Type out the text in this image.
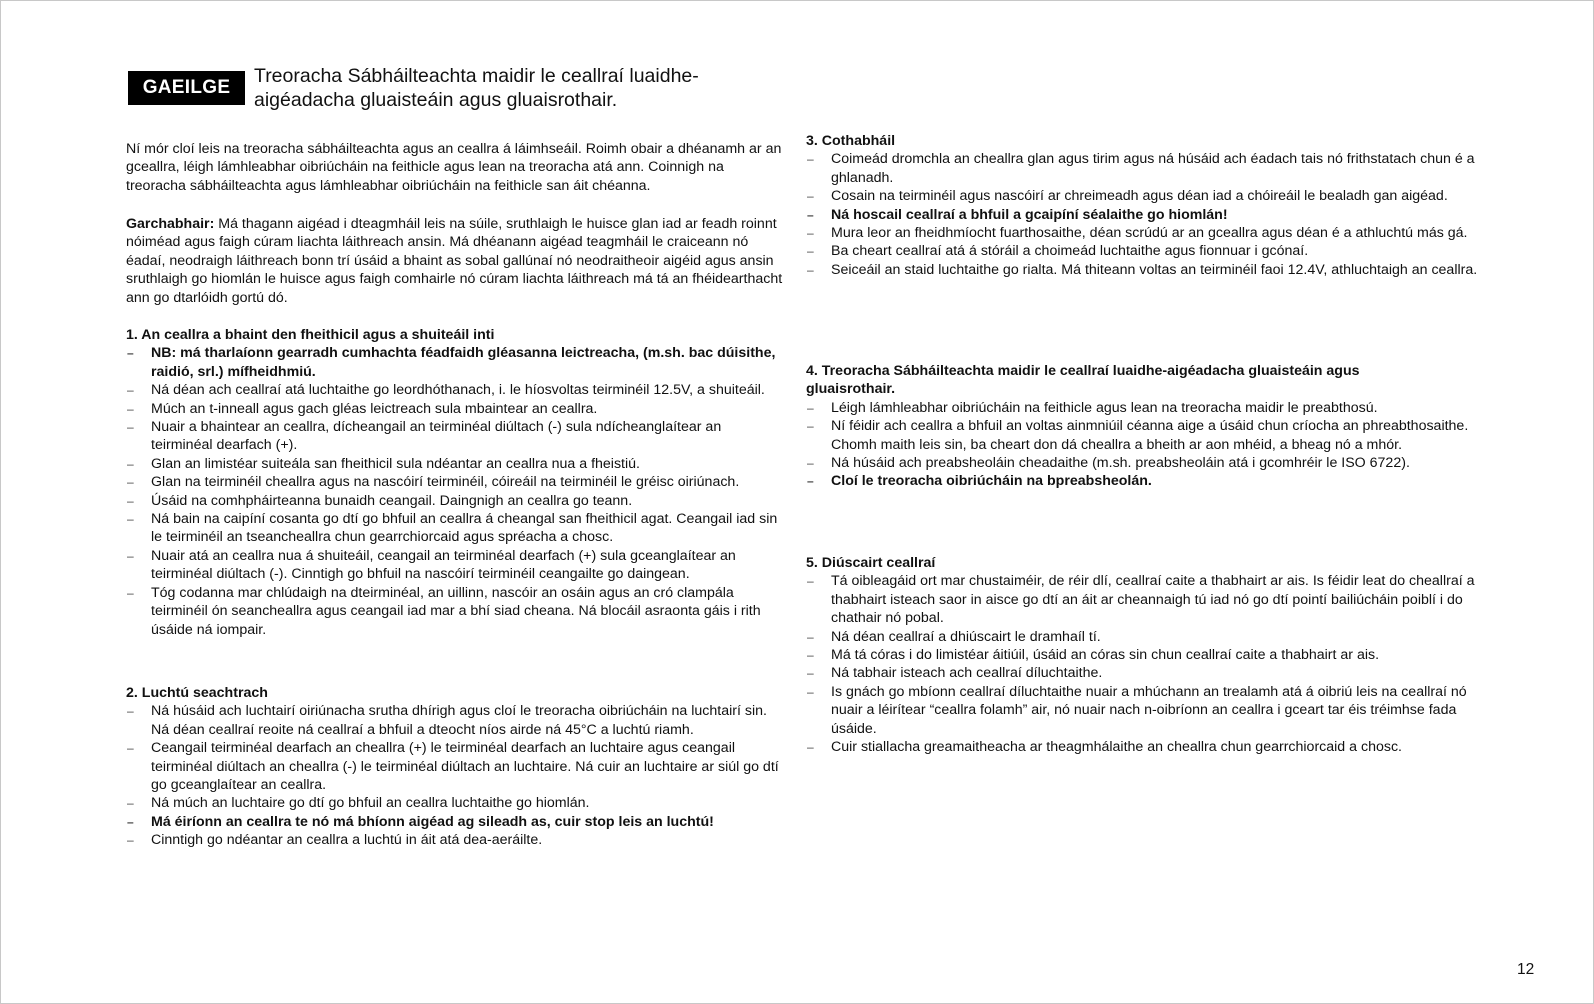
GAEILGE
Treoracha Sábháilteachta maidir le ceallraí luaidhe-aigéadacha gluaisteáin agus gluaisrothair.

Ní mór cloí leis na treoracha sábháilteachta agus an ceallra á láimhseáil. Roimh obair a dhéanamh ar an gceallra, léigh lámhleabhar oibriúcháin na feithicle agus lean na treoracha atá ann. Coinnigh na treoracha sábháilteachta agus lámhleabhar oibriúcháin na feithicle san áit chéanna.

Garchabhair: Má thagann aigéad i dteagmháil leis na súile, sruthlaigh le huisce glan iad ar feadh roinnt nóiméad agus faigh cúram liachta láithreach ansin. Má dhéanann aigéad teagmháil le craiceann nó éadaí, neodraigh láithreach bonn trí úsáid a bhaint as sobal gallúnaí nó neodraitheoir aigéid agus ansin sruthlaigh go hiomlán le huisce agus faigh comhairle nó cúram liachta láithreach má tá an fhéidearthacht ann go dtarlóidh gortú dó.

1. An ceallra a bhaint den fheithicil agus a shuiteáil inti

– NB: má tharlaíonn gearradh cumhachta féadfaidh gléasanna leictreacha, (m.sh. bac dúisithe, raidió, srl.) mífheidhmiú.
– Ná déan ach ceallraí atá luchtaithe go leordhóthanach, i. le híosvoltas teirminéil 12.5V, a shuiteáil.
– Múch an t-inneall agus gach gléas leictreach sula mbaintear an ceallra.
– Nuair a bhaintear an ceallra, dícheangail an teirminéal diúltach (-) sula ndícheanglaítear an teirminéal dearfach (+).
– Glan an limistéar suiteála san fheithicil sula ndéantar an ceallra nua a fheistiú.
– Glan na teirminéil cheallra agus na nascóirí teirminéil, cóireáil na teirminéil le gréisc oiriúnach.
– Úsáid na comhpháirteanna bunaidh ceangail. Daingnigh an ceallra go teann.
– Ná bain na caipíní cosanta go dtí go bhfuil an ceallra á cheangal san fheithicil agat. Ceangail iad sin le teirminéil an tseancheallra chun gearrchiorcaid agus spréacha a chosc.
– Nuair atá an ceallra nua á shuiteáil, ceangail an teirminéal dearfach (+) sula gceanglaítear an teirminéal diúltach (-). Cinntigh go bhfuil na nascóirí teirminéil ceangailte go daingean.
– Tóg codanna mar chlúdaigh na dteirminéal, an uillinn, nascóir an osáin agus an cró clampála teirminéil ón seancheallra agus ceangail iad mar a bhí siad cheana. Ná blocáil asraonta gáis i rith úsáide ná iompair.

2. Luchtú seachtrach

– Ná húsáid ach luchtairí oiriúnacha srutha dhírigh agus cloí le treoracha oibriúcháin na luchtairí sin. Ná déan ceallraí reoite ná ceallraí a bhfuil a dteocht níos airde ná 45°C a luchtú riamh.
– Ceangail teirminéal dearfach an cheallra (+) le teirminéal dearfach an luchtaire agus ceangail teirminéal diúltach an cheallra (-) le teirminéal diúltach an luchtaire. Ná cuir an luchtaire ar siúl go dtí go gceanglaítear an ceallra.
– Ná múch an luchtaire go dtí go bhfuil an ceallra luchtaithe go hiomlán.
– Má éiríonn an ceallra te nó má bhíonn aigéad ag sileadh as, cuir stop leis an luchtú!
– Cinntigh go ndéantar an ceallra a luchtú in áit atá dea-aeráilte.

3. Cothabháil

– Coimeád dromchla an cheallra glan agus tirim agus ná húsáid ach éadach tais nó frithstatach chun é a ghlanadh.
– Cosain na teirminéil agus nascóirí ar chreimeadh agus déan iad a chóireáil le bealadh gan aigéad.
– Ná hoscail ceallraí a bhfuil a gcaipíní séalaithe go hiomlán!
– Mura leor an fheidhmíocht fuarthosaithe, déan scrúdú ar an gceallra agus déan é a athluchtú más gá.
– Ba cheart ceallraí atá á stóráil a choimeád luchtaithe agus fionnuar i gcónaí.
– Seiceáil an staid luchtaithe go rialta. Má thiteann voltas an teirminéil faoi 12.4V, athluchtaigh an ceallra.

4. Treoracha Sábháilteachta maidir le ceallraí luaidhe-aigéadacha gluaisteáin agus gluaisrothair.

– Léigh lámhleabhar oibriúcháin na feithicle agus lean na treoracha maidir le preabthosú.
– Ní féidir ach ceallra a bhfuil an voltas ainmniúil céanna aige a úsáid chun críocha an phreabthosaithe. Chomh maith leis sin, ba cheart don dá cheallra a bheith ar aon mhéid, a bheag nó a mhór.
– Ná húsáid ach preabsheoláin cheadaithe (m.sh. preabsheoláin atá i gcomhréir le ISO 6722).
– Cloí le treoracha oibriúcháin na bpreabsheolán.

5. Diúscairt ceallraí

– Tá oibleagáid ort mar chustaiméir, de réir dlí, ceallraí caite a thabhairt ar ais. Is féidir leat do cheallraí a thabhairt isteach saor in aisce go dtí an áit ar cheannaigh tú iad nó go dtí pointí bailiúcháin poiblí i do chathair nó pobal.
– Ná déan ceallraí a dhiúscairt le dramhaíl tí.
– Má tá córas i do limistéar áitiúil, úsáid an córas sin chun ceallraí caite a thabhairt ar ais.
– Ná tabhair isteach ach ceallraí díluchtaithe.
– Is gnách go mbíonn ceallraí díluchtaithe nuair a mhúchann an trealamh atá á oibriú leis na ceallraí nó nuair a léirítear “ceallra folamh” air, nó nuair nach n-oibríonn an ceallra i gceart tar éis tréimhse fada úsáide.
– Cuir stiallacha greamaitheacha ar theagmhálaithe an cheallra chun gearrchiorcaid a chosc.
12
